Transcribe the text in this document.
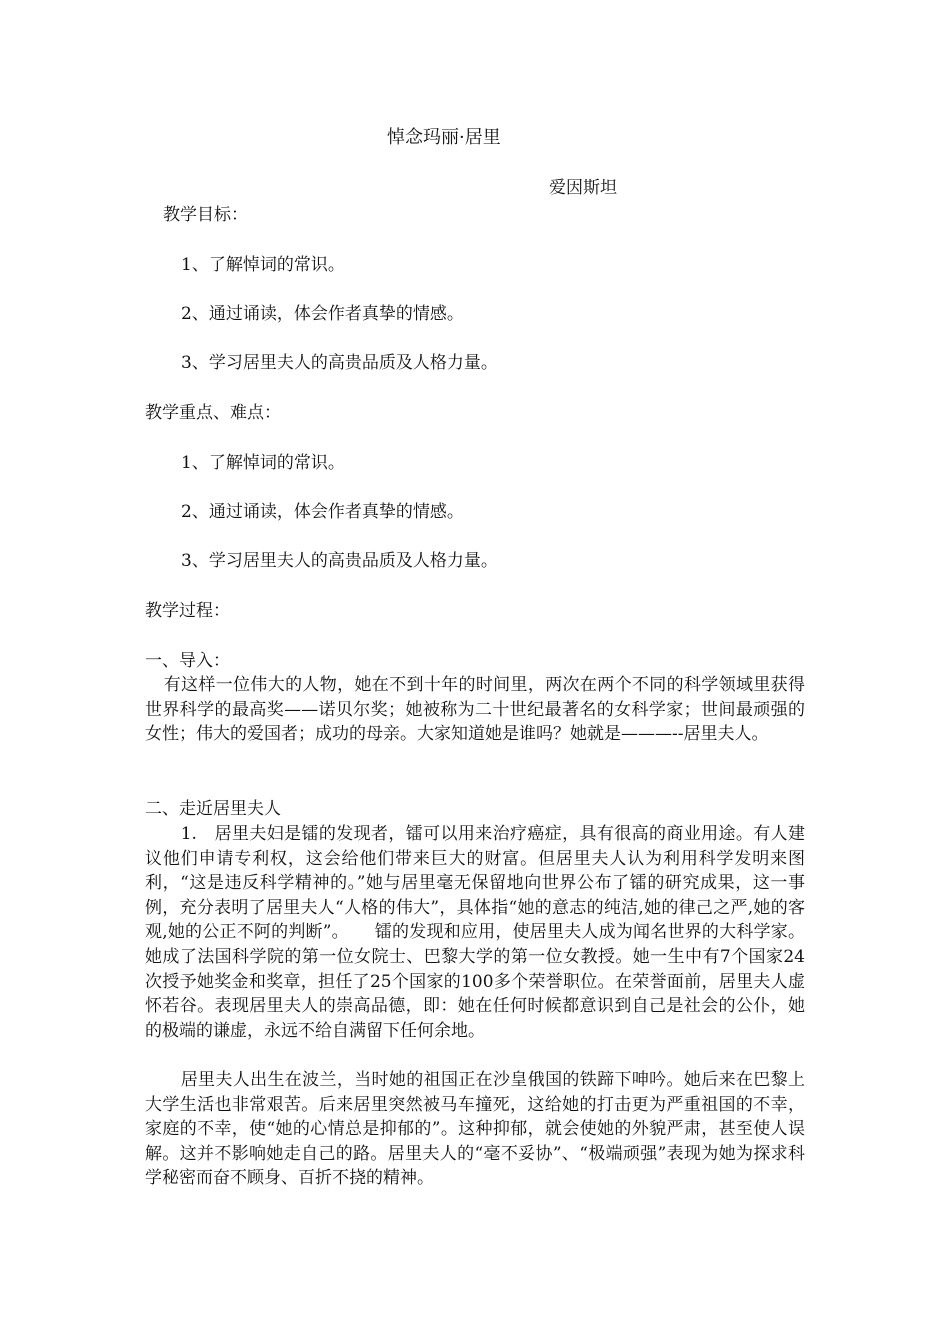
悼念玛丽·居里
爱因斯坦
教学目标：
1、了解悼词的常识。
2、通过诵读，体会作者真挚的情感。
3、学习居里夫人的高贵品质及人格力量。
教学重点、难点：
1、了解悼词的常识。
2、通过诵读，体会作者真挚的情感。
3、学习居里夫人的高贵品质及人格力量。
教学过程：
一、导入：
有这样一位伟大的人物，她在不到十年的时间里，两次在两个不同的科学领域里获得世界科学的最高奖——诺贝尔奖；她被称为二十世纪最著名的女科学家；世间最顽强的女性；伟大的爱国者；成功的母亲。大家知道她是谁吗？她就是———--居里夫人。
二、走近居里夫人
1.　居里夫妇是镭的发现者，镭可以用来治疗癌症，具有很高的商业用途。有人建议他们申请专利权，这会给他们带来巨大的财富。但居里夫人认为利用科学发明来图利，“这是违反科学精神的。”她与居里毫无保留地向世界公布了镭的研究成果，这一事例，充分表明了居里夫人“人格的伟大”，具体指“她的意志的纯洁,她的律己之严,她的客观,她的公正不阿的判断”。　　镭的发现和应用，使居里夫人成为闻名世界的大科学家。她成了法国科学院的第一位女院士、巴黎大学的第一位女教授。她一生中有7个国家24次授予她奖金和奖章，担任了25个国家的100多个荣誉职位。在荣誉面前，居里夫人虚怀若谷。表现居里夫人的崇高品德，即：她在任何时候都意识到自己是社会的公仆，她的极端的谦虚，永远不给自满留下任何余地。
居里夫人出生在波兰，当时她的祖国正在沙皇俄国的铁蹄下呻吟。她后来在巴黎上大学生活也非常艰苦。后来居里突然被马车撞死，这给她的打击更为严重祖国的不幸，家庭的不幸，使“她的心情总是抑郁的”。这种抑郁，就会使她的外貌严肃，甚至使人误解。这并不影响她走自己的路。居里夫人的“毫不妥协”、“极端顽强”表现为她为探求科学秘密而奋不顾身、百折不挠的精神。
